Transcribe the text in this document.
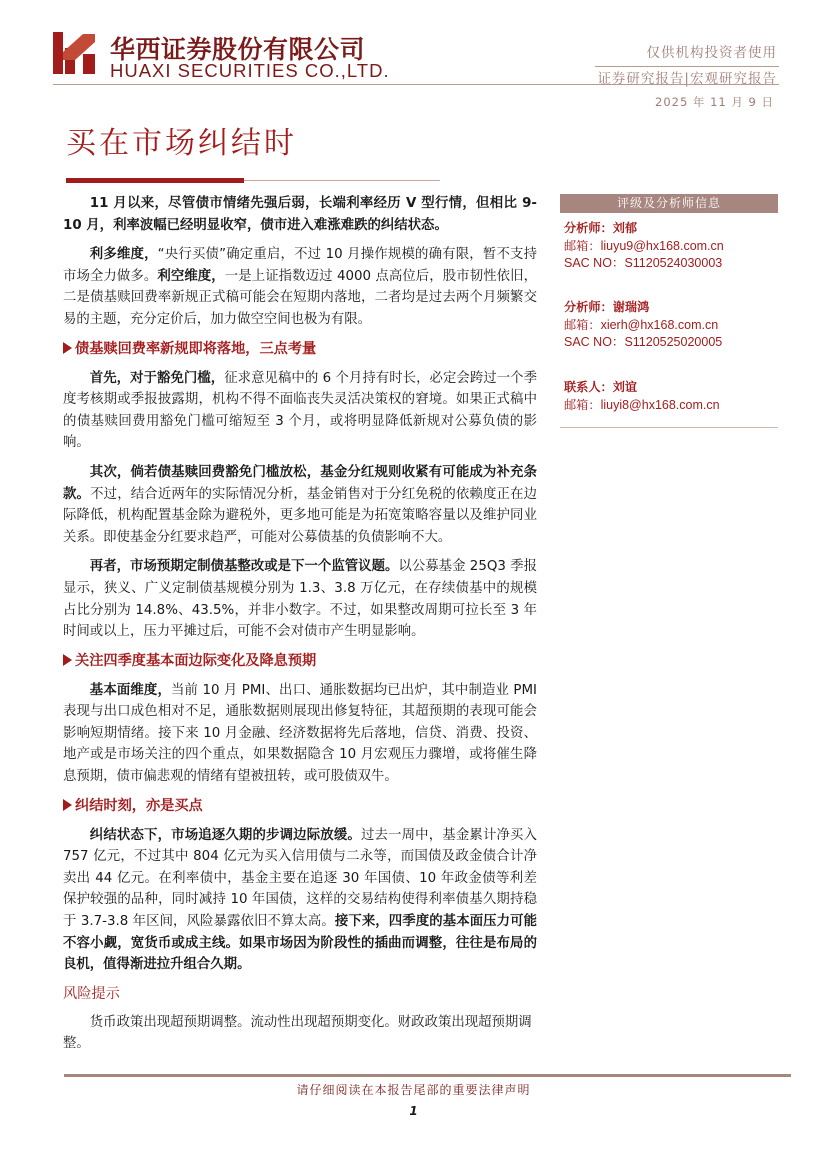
华西证券股份有限公司
HUAXI SECURITIES CO.,LTD.
仅供机构投资者使用
证券研究报告|宏观研究报告
2025 年 11 月 9 日
买在市场纠结时

11 月以来，尽管债市情绪先强后弱，长端利率经历 V 型行情，但相比 9-10 月，利率波幅已经明显收窄，债市进入难涨难跌的纠结状态。

利多维度，“央行买债”确定重启，不过 10 月操作规模的确有限，暂不支持市场全力做多。利空维度，一是上证指数迈过 4000 点高位后，股市韧性依旧，二是债基赎回费率新规正式稿可能会在短期内落地，二者均是过去两个月频繁交易的主题，充分定价后，加力做空空间也极为有限。

债基赎回费率新规即将落地，三点考量

首先，对于豁免门槛，征求意见稿中的 6 个月持有时长，必定会跨过一个季度考核期或季报披露期，机构不得不面临丧失灵活决策权的窘境。如果正式稿中的债基赎回费用豁免门槛可缩短至 3 个月，或将明显降低新规对公募负债的影响。

其次，倘若债基赎回费豁免门槛放松，基金分红规则收紧有可能成为补充条款。不过，结合近两年的实际情况分析，基金销售对于分红免税的依赖度正在边际降低，机构配置基金除为避税外，更多地可能是为拓宽策略容量以及维护同业关系。即使基金分红要求趋严，可能对公募债基的负债影响不大。

再者，市场预期定制债基整改或是下一个监管议题。以公募基金 25Q3 季报显示，狭义、广义定制债基规模分别为 1.3、3.8 万亿元，在存续债基中的规模占比分别为 14.8%、43.5%，并非小数字。不过，如果整改周期可拉长至 3 年时间或以上，压力平摊过后，可能不会对债市产生明显影响。

关注四季度基本面边际变化及降息预期

基本面维度，当前 10 月 PMI、出口、通胀数据均已出炉，其中制造业 PMI 表现与出口成色相对不足，通胀数据则展现出修复特征，其超预期的表现可能会影响短期情绪。接下来 10 月金融、经济数据将先后落地，信贷、消费、投资、地产或是市场关注的四个重点，如果数据隐含 10 月宏观压力骤增，或将催生降息预期，债市偏悲观的情绪有望被扭转，或可股债双牛。

纠结时刻，亦是买点

纠结状态下，市场追逐久期的步调边际放缓。过去一周中，基金累计净买入 757 亿元，不过其中 804 亿元为买入信用债与二永等，而国债及政金债合计净卖出 44 亿元。在利率债中，基金主要在追逐 30 年国债、10 年政金债等利差保护较强的品种，同时减持 10 年国债，这样的交易结构使得利率债基久期持稳于 3.7-3.8 年区间，风险暴露依旧不算太高。接下来，四季度的基本面压力可能不容小觑，宽货币或成主线。如果市场因为阶段性的插曲而调整，往往是布局的良机，值得渐进拉升组合久期。

风险提示

货币政策出现超预期调整。流动性出现超预期变化。财政政策出现超预期调整。

评级及分析师信息
分析师：刘郁
邮箱：liuyu9@hx168.com.cn
SAC NO：S1120524030003
分析师：谢瑞鸿
邮箱：xierh@hx168.com.cn
SAC NO：S1120525020005
联系人：刘谊
邮箱：liuyi8@hx168.com.cn
请仔细阅读在本报告尾部的重要法律声明
1
